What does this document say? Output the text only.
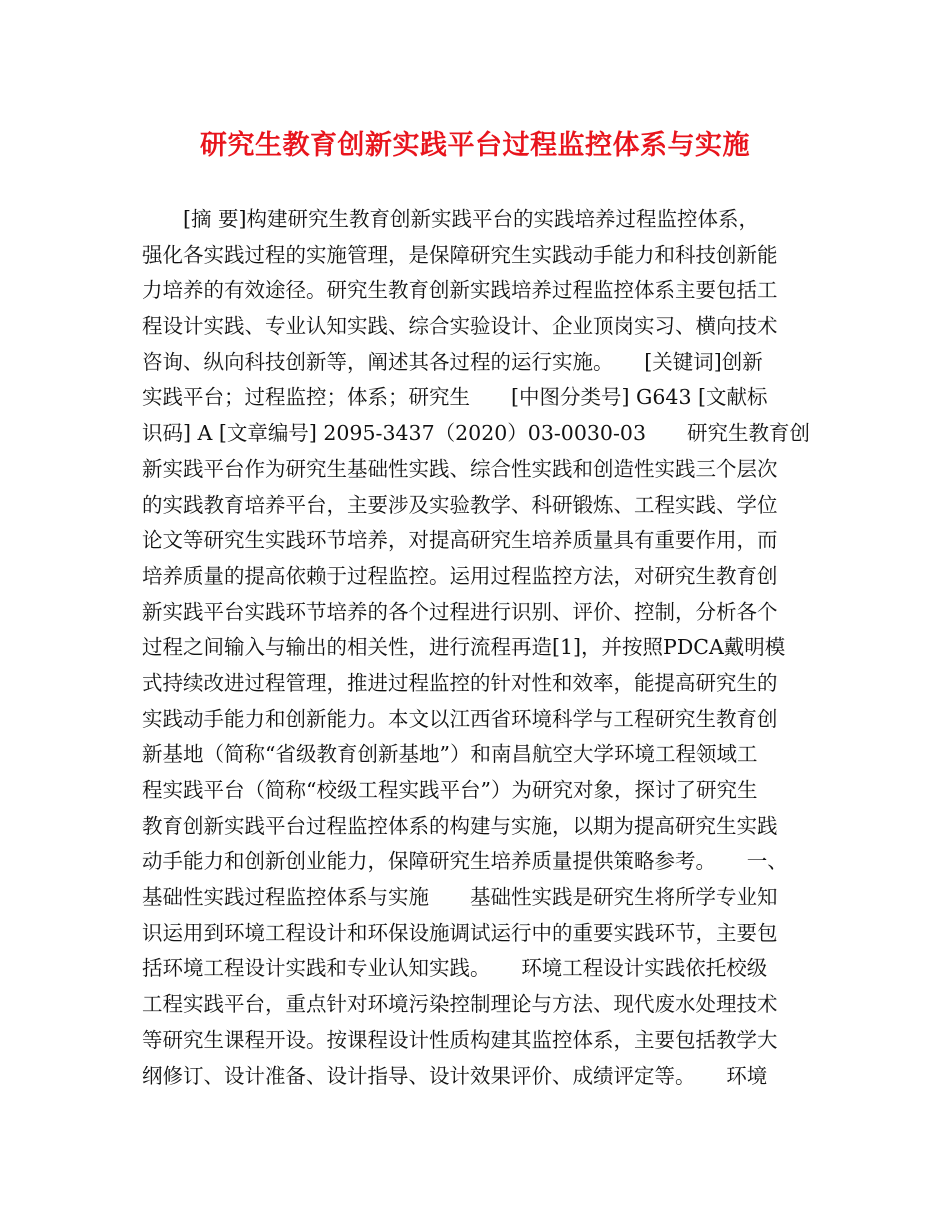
研究生教育创新实践平台过程监控体系与实施
[摘 要]构建研究生教育创新实践平台的实践培养过程监控体系，
强化各实践过程的实施管理，是保障研究生实践动手能力和科技创新能
力培养的有效途径。研究生教育创新实践培养过程监控体系主要包括工
程设计实践、专业认知实践、综合实验设计、企业顶岗实习、横向技术
咨询、纵向科技创新等，阐述其各过程的运行实施。　　[关键词]创新
实践平台；过程监控；体系；研究生　　[中图分类号] G643 [文献标
识码] A [文章编号] 2095-3437（2020）03-0030-03　　研究生教育创
新实践平台作为研究生基础性实践、综合性实践和创造性实践三个层次
的实践教育培养平台，主要涉及实验教学、科研锻炼、工程实践、学位
论文等研究生实践环节培养，对提高研究生培养质量具有重要作用，而
培养质量的提高依赖于过程监控。运用过程监控方法，对研究生教育创
新实践平台实践环节培养的各个过程进行识别、评价、控制，分析各个
过程之间输入与输出的相关性，进行流程再造[1]，并按照PDCA戴明模
式持续改进过程管理，推进过程监控的针对性和效率，能提高研究生的
实践动手能力和创新能力。本文以江西省环境科学与工程研究生教育创
新基地（简称“省级教育创新基地”）和南昌航空大学环境工程领域工
程实践平台（简称“校级工程实践平台”）为研究对象，探讨了研究生
教育创新实践平台过程监控体系的构建与实施，以期为提高研究生实践
动手能力和创新创业能力，保障研究生培养质量提供策略参考。　　一、
基础性实践过程监控体系与实施　　基础性实践是研究生将所学专业知
识运用到环境工程设计和环保设施调试运行中的重要实践环节，主要包
括环境工程设计实践和专业认知实践。　　环境工程设计实践依托校级
工程实践平台，重点针对环境污染控制理论与方法、现代废水处理技术
等研究生课程开设。按课程设计性质构建其监控体系，主要包括教学大
纲修订、设计准备、设计指导、设计效果评价、成绩评定等。　　环境
